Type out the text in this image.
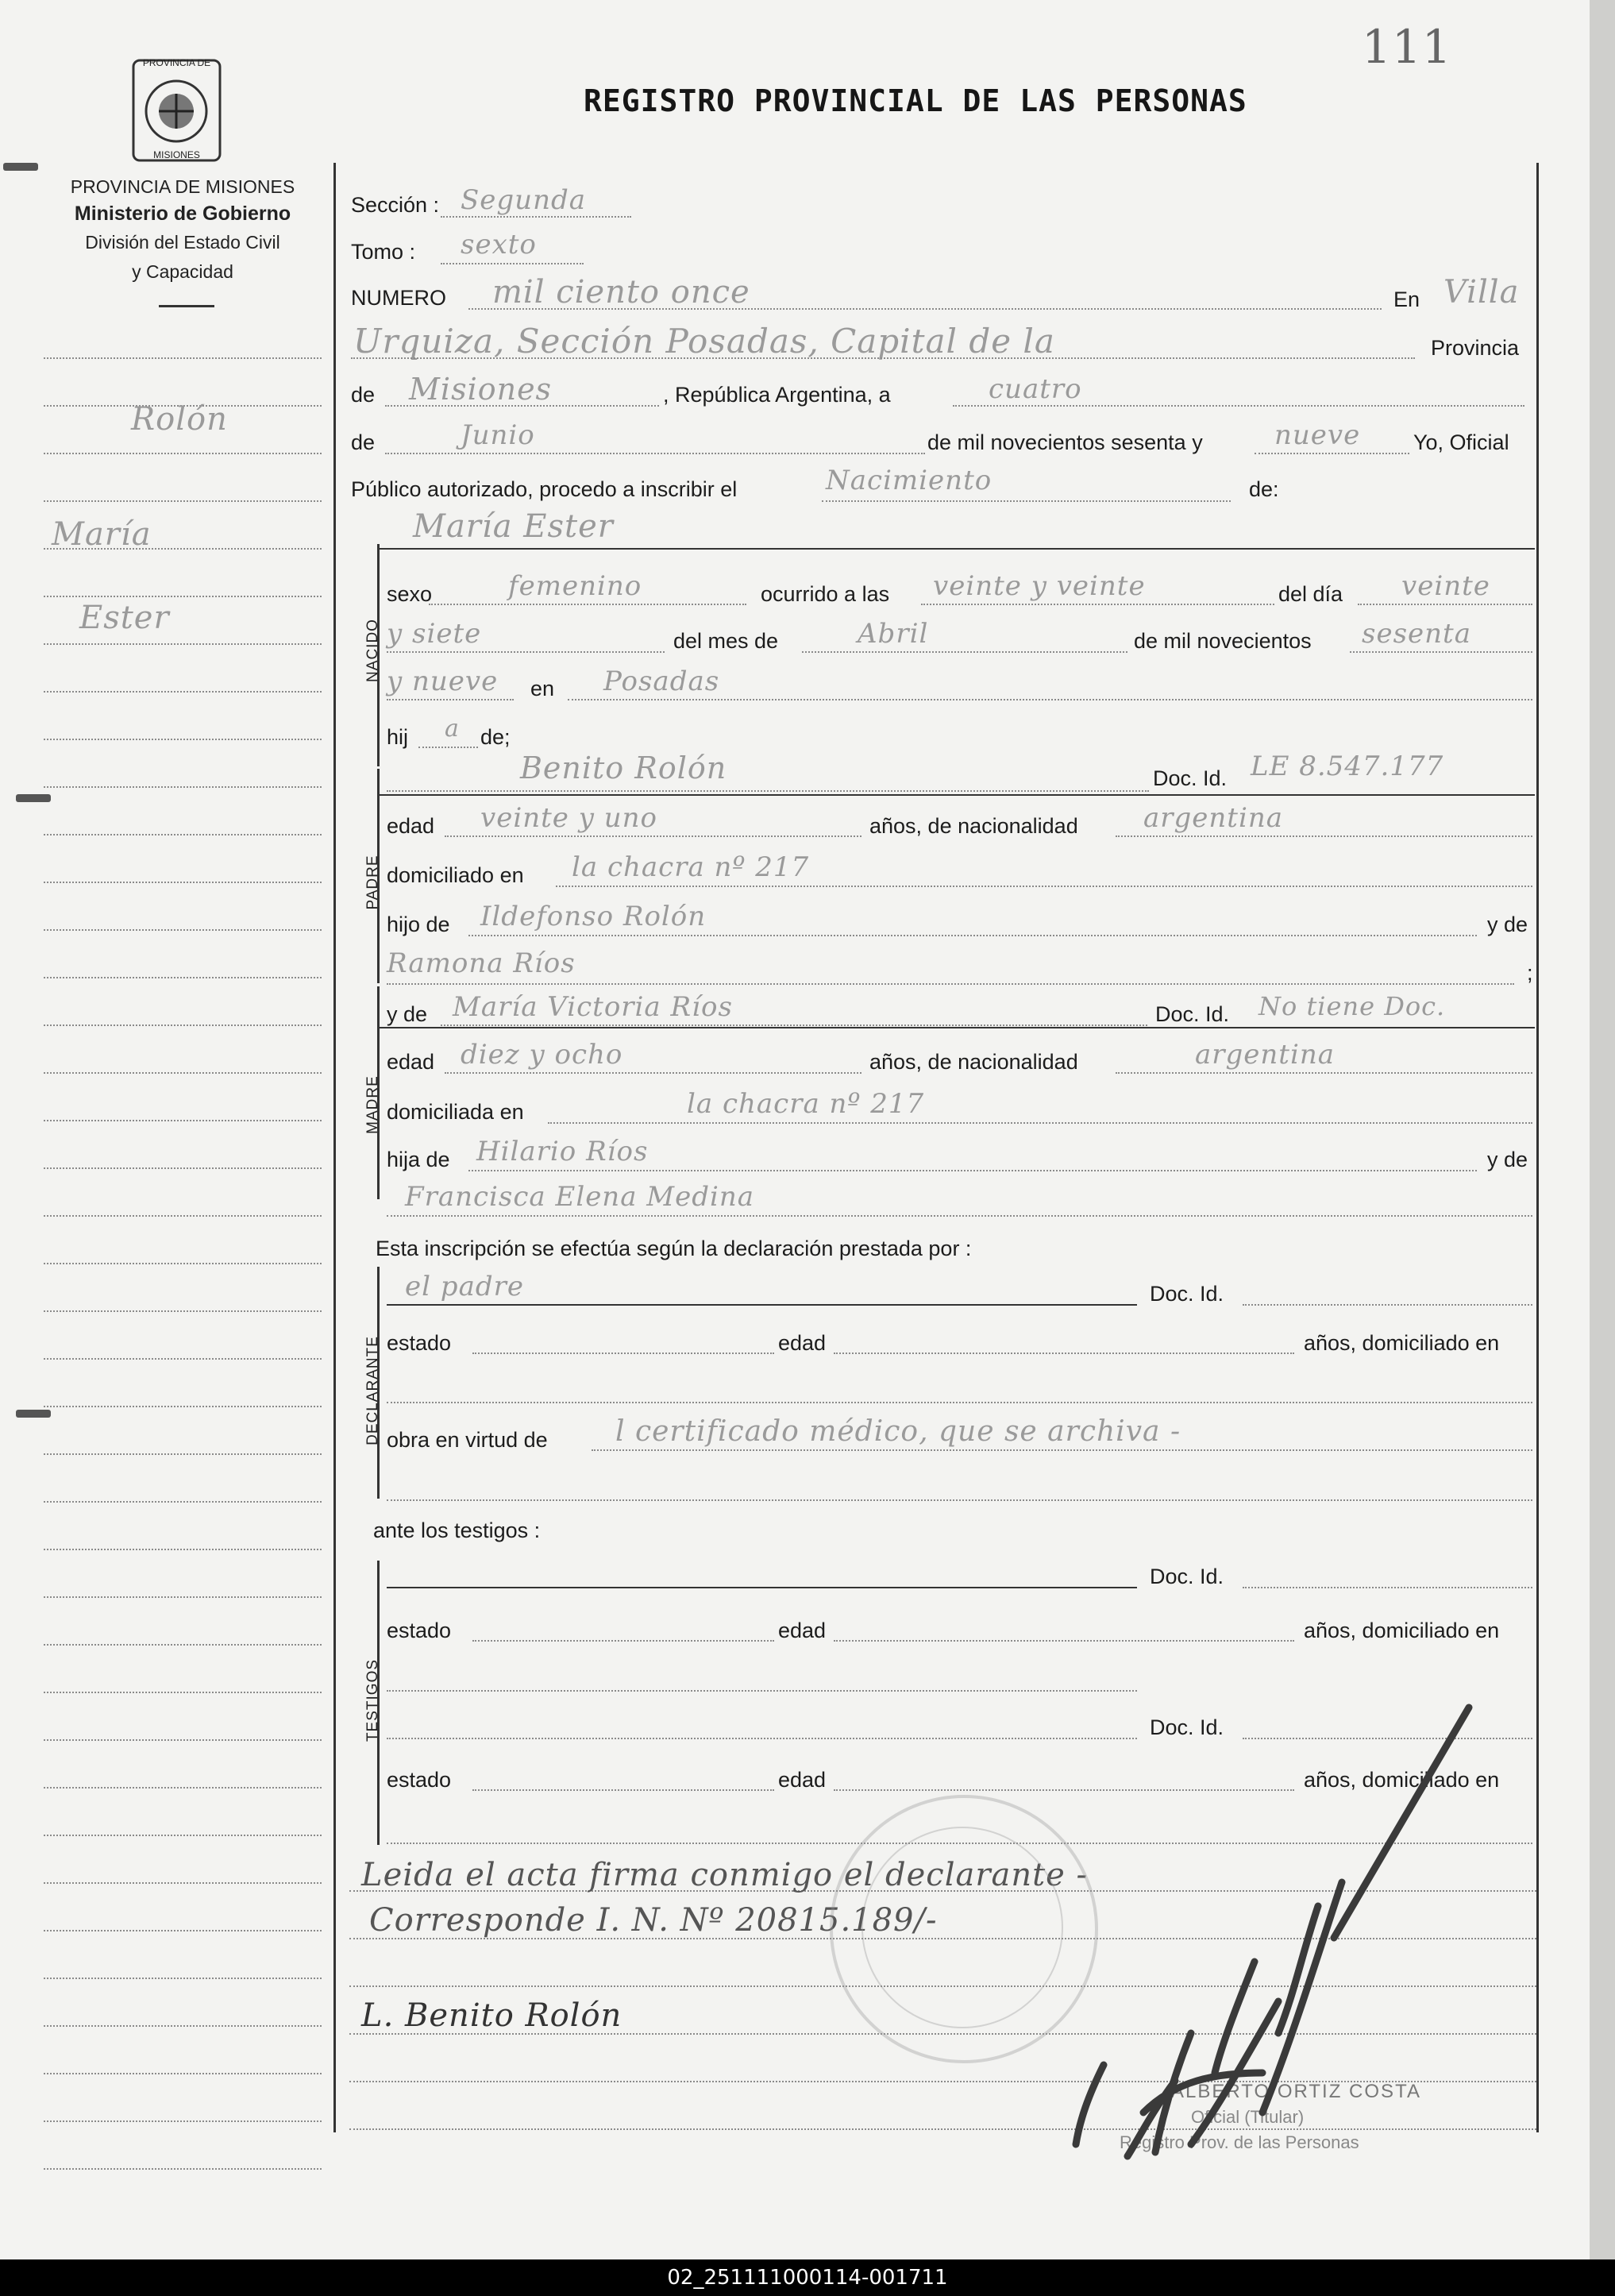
111
PROVINCIA DE
MISIONES
PROVINCIA DE MISIONES
Ministerio de Gobierno
División del Estado Civil
y Capacidad
REGISTRO PROVINCIAL DE LAS PERSONAS
Rolón
María
Ester
Sección : Segunda
Tomo : sexto
NUMERO mil ciento once	En Villa
Urquiza, Sección Posadas, Capital de la	Provincia
de Misiones	, República Argentina, a	cuatro
de	Junio	de mil novecientos sesenta y	nueve Yo, Oficial
Público autorizado, procedo a inscribir el	Nacimiento	de:
María Ester
NACIDO
sexo	femenino	ocurrido a las veinte y veinte	del día veinte
y siete	del mes de	Abril	de mil novecientos sesenta
y nueve en Posadas
hij a de;
Benito Rolón	Doc. Id. LE 8.547.177
PADRE
edad veinte y uno	años, de nacionalidad argentina
domiciliado en la chacra nº 217
hijo de Ildefonso Rolón	y de
Ramona Ríos	;
MADRE
y de María Victoria Ríos	Doc. Id. No tiene Doc.
edad diez y ocho	años, de nacionalidad	argentina
domiciliada en	la chacra nº 217
hija de Hilario Ríos	y de
Francisca Elena Medina
Esta inscripción se efectúa según la declaración prestada por :
DECLARANTE
el padre	Doc. Id.
estado	edad	años, domiciliado en
obra en virtud de l certificado médico, que se archiva -
ante los testigos :
TESTIGOS
Doc. Id.
estado	edad	años, domiciliado en
Doc. Id.
estado	edad	años, domiciliado en
Leida el acta firma conmigo el declarante -
Corresponde I. N. Nº 20815.189/-
L. Benito Rolón
ALBERTO ORTIZ COSTA
Oficial (Titular)
Registro Prov. de las Personas
02_251111000114-001711
